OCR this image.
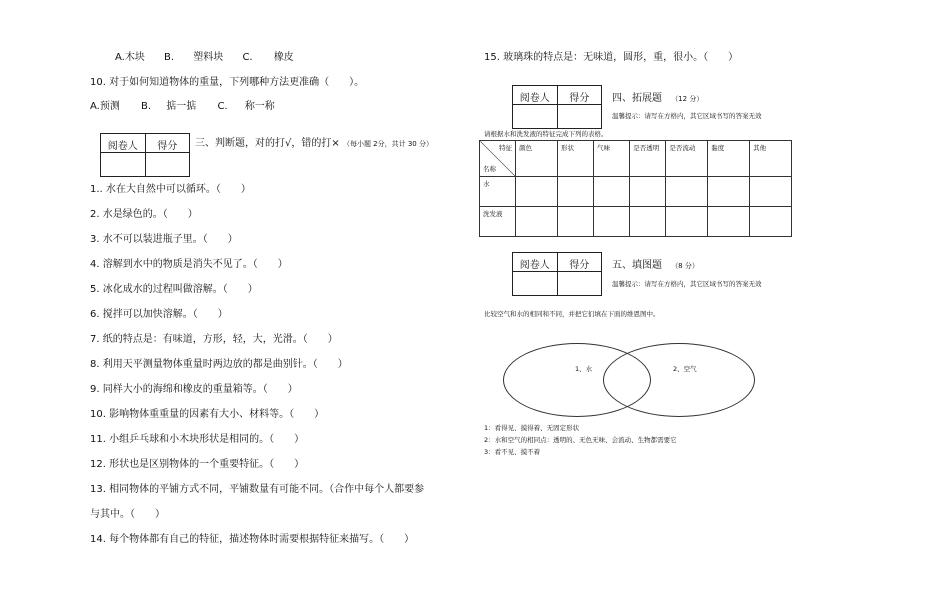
A.木块 B. 塑料块 C. 橡皮
10. 对于如何知道物体的重量，下列哪种方法更准确（　　）。
A.预测 B. 掂一掂 C. 称一称
阅卷人	得分	三、判断题，对的打√，错的打× （每小题 2分，共计 30 分）
1.. 水在大自然中可以循环。（　　）
2. 水是绿色的。（　　）
3. 水不可以装进瓶子里。（　　）
4. 溶解到水中的物质是消失不见了。（　　）
5. 冰化成水的过程叫做溶解。（　　）
6. 搅拌可以加快溶解。（　　）
7. 纸的特点是：有味道，方形，轻，大，光滑。（　　）
8. 利用天平测量物体重量时两边放的都是曲别针。（　　）
9. 同样大小的海绵和橡皮的重量箱等。（　　）
10. 影响物体重重量的因素有大小、材料等。（　　）
11. 小组乒乓球和小木块形状是相同的。（　　）
12. 形状也是区别物体的一个重要特征。（　　）
13. 相同物体的平铺方式不同，平铺数量有可能不同。（合作中每个人都要参
与其中。（　　）
14. 每个物体都有自己的特征，描述物体时需要根据特征来描写。（　　）
15. 玻璃珠的特点是：无味道，圆形，重，很小。（　　）
阅卷人	得分	四、拓展题 （12 分）
温馨提示：请写在方格内，其它区域书写的答案无效
请根据水和洗发液的特征完成下列的表格。
特征
名称	颜色	形状	气味	是否透明	是否流动	黏度	其他
水							
洗发液							
阅卷人	得分	五、填图题 （8 分）
温馨提示：请写在方格内，其它区域书写的答案无效
比较空气和水的相同和不同，并把它们填在下面的维恩图中。
1、水	2、空气
1：看得见、摸得着、无固定形状
2：水和空气的相同点：透明的、无色无味、会流动、生物都需要它
3：看不见、摸不着
